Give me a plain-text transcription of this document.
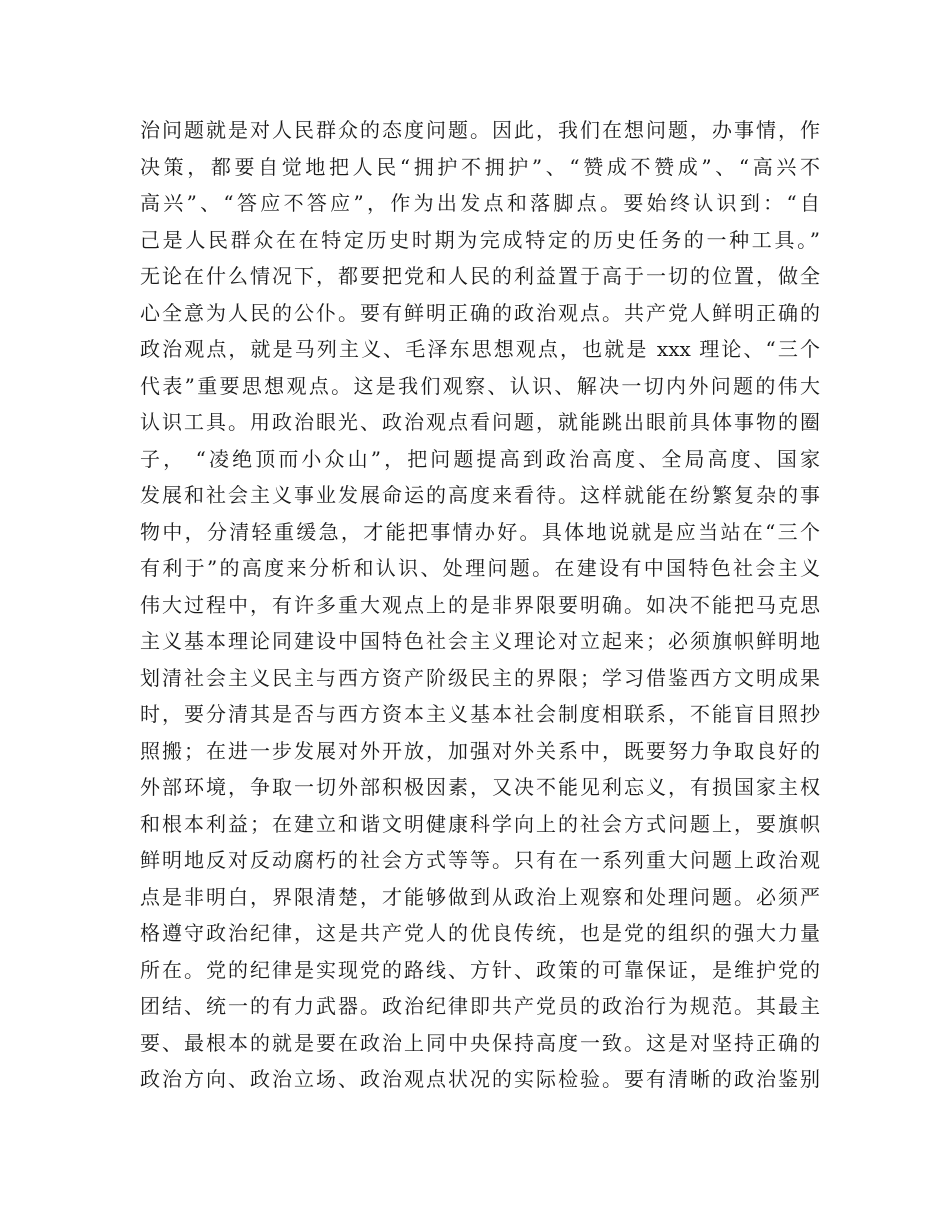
治问题就是对人民群众的态度问题。因此，我们在想问题，办事情，作
决策，都要自觉地把人民“拥护不拥护”、“赞成不赞成”、“高兴不
高兴”、“答应不答应”，作为出发点和落脚点。要始终认识到：“自
己是人民群众在在特定历史时期为完成特定的历史任务的一种工具。”
无论在什么情况下，都要把党和人民的利益置于高于一切的位置，做全
心全意为人民的公仆。要有鲜明正确的政治观点。共产党人鲜明正确的
政治观点，就是马列主义、毛泽东思想观点，也就是 xxx 理论、“三个
代表”重要思想观点。这是我们观察、认识、解决一切内外问题的伟大
认识工具。用政治眼光、政治观点看问题，就能跳出眼前具体事物的圈
子， “凌绝顶而小众山”，把问题提高到政治高度、全局高度、国家
发展和社会主义事业发展命运的高度来看待。这样就能在纷繁复杂的事
物中，分清轻重缓急，才能把事情办好。具体地说就是应当站在“三个
有利于”的高度来分析和认识、处理问题。在建设有中国特色社会主义
伟大过程中，有许多重大观点上的是非界限要明确。如决不能把马克思
主义基本理论同建设中国特色社会主义理论对立起来；必须旗帜鲜明地
划清社会主义民主与西方资产阶级民主的界限；学习借鉴西方文明成果
时，要分清其是否与西方资本主义基本社会制度相联系，不能盲目照抄
照搬；在进一步发展对外开放，加强对外关系中，既要努力争取良好的
外部环境，争取一切外部积极因素，又决不能见利忘义，有损国家主权
和根本利益；在建立和谐文明健康科学向上的社会方式问题上，要旗帜
鲜明地反对反动腐朽的社会方式等等。只有在一系列重大问题上政治观
点是非明白，界限清楚，才能够做到从政治上观察和处理问题。必须严
格遵守政治纪律，这是共产党人的优良传统，也是党的组织的强大力量
所在。党的纪律是实现党的路线、方针、政策的可靠保证，是维护党的
团结、统一的有力武器。政治纪律即共产党员的政治行为规范。其最主
要、最根本的就是要在政治上同中央保持高度一致。这是对坚持正确的
政治方向、政治立场、政治观点状况的实际检验。要有清晰的政治鉴别
